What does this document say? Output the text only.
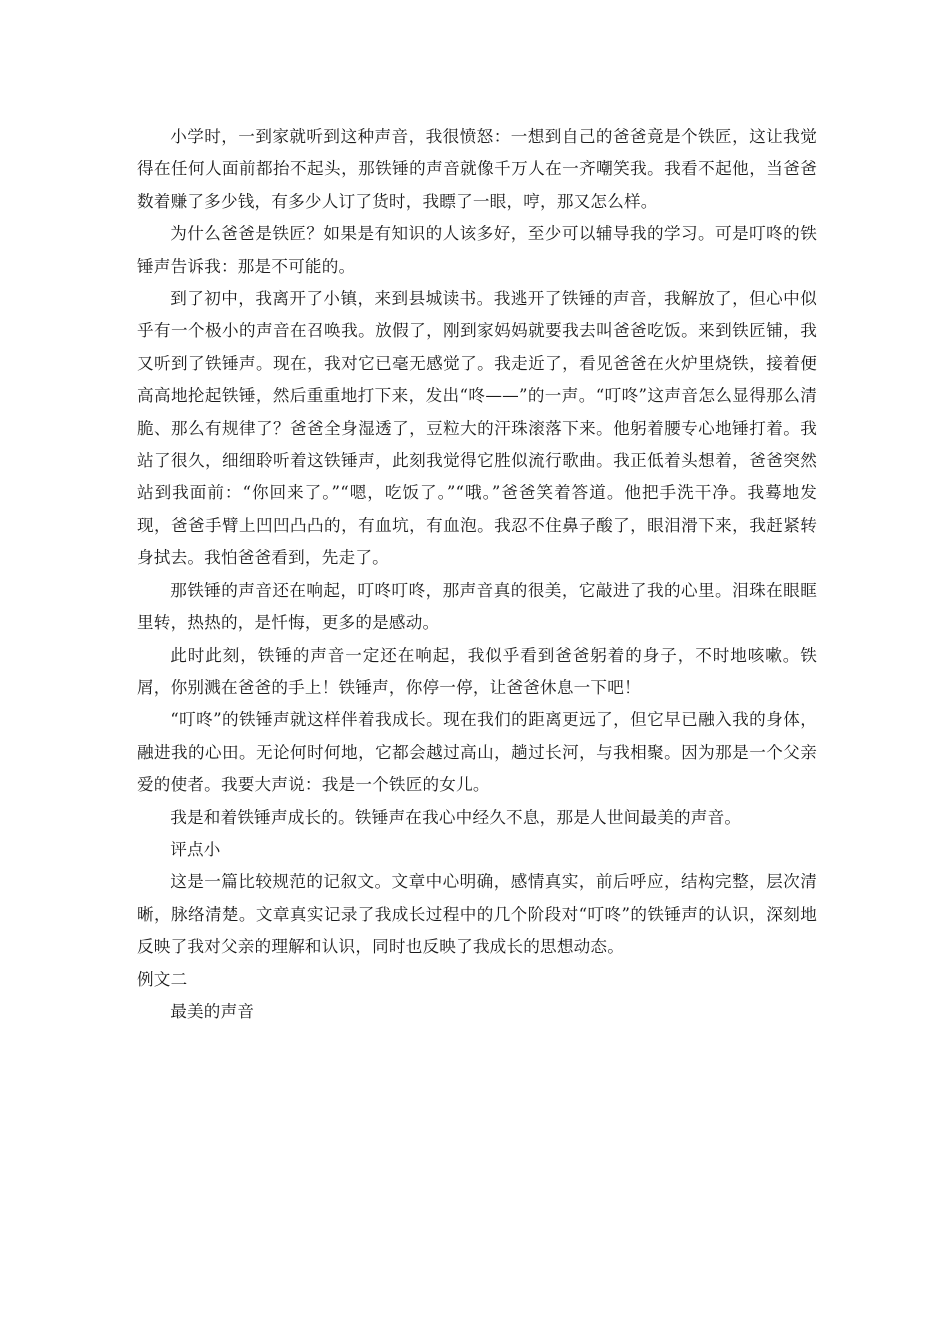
小学时，一到家就听到这种声音，我很愤怒：一想到自己的爸爸竟是个铁匠，这让我觉得在任何人面前都抬不起头，那铁锤的声音就像千万人在一齐嘲笑我。我看不起他，当爸爸数着赚了多少钱，有多少人订了货时，我瞟了一眼，哼，那又怎么样。

为什么爸爸是铁匠？如果是有知识的人该多好，至少可以辅导我的学习。可是叮咚的铁锤声告诉我：那是不可能的。

到了初中，我离开了小镇，来到县城读书。我逃开了铁锤的声音，我解放了，但心中似乎有一个极小的声音在召唤我。放假了，刚到家妈妈就要我去叫爸爸吃饭。来到铁匠铺，我又听到了铁锤声。现在，我对它已毫无感觉了。我走近了，看见爸爸在火炉里烧铁，接着便高高地抡起铁锤，然后重重地打下来，发出“咚——”的一声。“叮咚”这声音怎么显得那么清脆、那么有规律了？爸爸全身湿透了，豆粒大的汗珠滚落下来。他躬着腰专心地锤打着。我站了很久，细细聆听着这铁锤声，此刻我觉得它胜似流行歌曲。我正低着头想着，爸爸突然站到我面前：“你回来了。”“嗯，吃饭了。”“哦。”爸爸笑着答道。他把手洗干净。我蓦地发现，爸爸手臂上凹凹凸凸的，有血坑，有血泡。我忍不住鼻子酸了，眼泪滑下来，我赶紧转身拭去。我怕爸爸看到，先走了。

那铁锤的声音还在响起，叮咚叮咚，那声音真的很美，它敲进了我的心里。泪珠在眼眶里转，热热的，是忏悔，更多的是感动。

此时此刻，铁锤的声音一定还在响起，我似乎看到爸爸躬着的身子，不时地咳嗽。铁屑，你别溅在爸爸的手上！铁锤声，你停一停，让爸爸休息一下吧！

“叮咚”的铁锤声就这样伴着我成长。现在我们的距离更远了，但它早已融入我的身体，融进我的心田。无论何时何地，它都会越过高山，趟过长河，与我相聚。因为那是一个父亲爱的使者。我要大声说：我是一个铁匠的女儿。

我是和着铁锤声成长的。铁锤声在我心中经久不息，那是人世间最美的声音。

评点小

这是一篇比较规范的记叙文。文章中心明确，感情真实，前后呼应，结构完整，层次清晰，脉络清楚。文章真实记录了我成长过程中的几个阶段对“叮咚”的铁锤声的认识，深刻地反映了我对父亲的理解和认识，同时也反映了我成长的思想动态。

例文二

最美的声音
